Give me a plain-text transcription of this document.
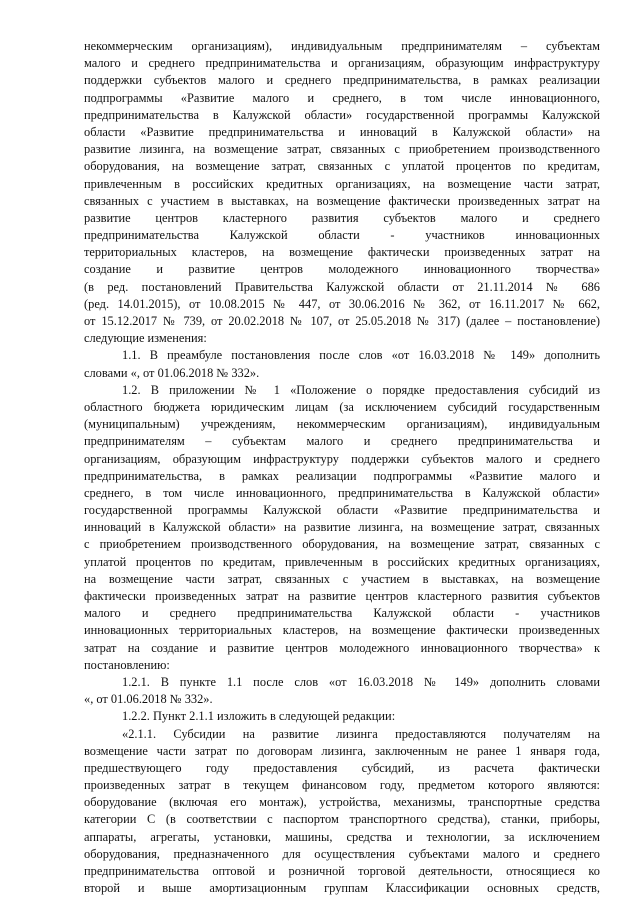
некоммерческим организациям), индивидуальным предпринимателям – субъектам
малого и среднего предпринимательства и организациям, образующим инфраструктуру
поддержки субъектов малого и среднего предпринимательства, в рамках реализации
подпрограммы «Развитие малого и среднего, в том числе инновационного,
предпринимательства в Калужской области» государственной программы Калужской
области «Развитие предпринимательства и инноваций в Калужской области» на
развитие лизинга, на возмещение затрат, связанных с приобретением производственного
оборудования, на возмещение затрат, связанных с уплатой процентов по кредитам,
привлеченным в российских кредитных организациях, на возмещение части затрат,
связанных с участием в выставках, на возмещение фактически произведенных затрат на
развитие центров кластерного развития субъектов малого и среднего
предпринимательства Калужской области - участников инновационных
территориальных кластеров, на возмещение фактически произведенных затрат на
создание и развитие центров молодежного инновационного творчества»
(в ред. постановлений Правительства Калужской области от 21.11.2014 № 686
(ред. 14.01.2015), от 10.08.2015 № 447, от 30.06.2016 № 362, от 16.11.2017 № 662,
от 15.12.2017 № 739, от 20.02.2018 № 107, от 25.05.2018 № 317) (далее – постановление)
следующие изменения:
1.1. В преамбуле постановления после слов «от 16.03.2018 № 149» дополнить
словами «, от 01.06.2018 № 332».
1.2. В приложении № 1 «Положение о порядке предоставления субсидий из
областного бюджета юридическим лицам (за исключением субсидий государственным
(муниципальным) учреждениям, некоммерческим организациям), индивидуальным
предпринимателям – субъектам малого и среднего предпринимательства и
организациям, образующим инфраструктуру поддержки субъектов малого и среднего
предпринимательства, в рамках реализации подпрограммы «Развитие малого и
среднего, в том числе инновационного, предпринимательства в Калужской области»
государственной программы Калужской области «Развитие предпринимательства и
инноваций в Калужской области» на развитие лизинга, на возмещение затрат, связанных
с приобретением производственного оборудования, на возмещение затрат, связанных с
уплатой процентов по кредитам, привлеченным в российских кредитных организациях,
на возмещение части затрат, связанных с участием в выставках, на возмещение
фактически произведенных затрат на развитие центров кластерного развития субъектов
малого и среднего предпринимательства Калужской области - участников
инновационных территориальных кластеров, на возмещение фактически произведенных
затрат на создание и развитие центров молодежного инновационного творчества» к
постановлению:
1.2.1. В пункте 1.1 после слов «от 16.03.2018 № 149» дополнить словами
«, от 01.06.2018 № 332».
1.2.2. Пункт 2.1.1 изложить в следующей редакции:
«2.1.1. Субсидии на развитие лизинга предоставляются получателям на
возмещение части затрат по договорам лизинга, заключенным не ранее 1 января года,
предшествующего году предоставления субсидий, из расчета фактически
произведенных затрат в текущем финансовом году, предметом которого являются:
оборудование (включая его монтаж), устройства, механизмы, транспортные средства
категории С (в соответствии с паспортом транспортного средства), станки, приборы,
аппараты, агрегаты, установки, машины, средства и технологии, за исключением
оборудования, предназначенного для осуществления субъектами малого и среднего
предпринимательства оптовой и розничной торговой деятельности, относящиеся ко
второй и выше амортизационным группам Классификации основных средств,
